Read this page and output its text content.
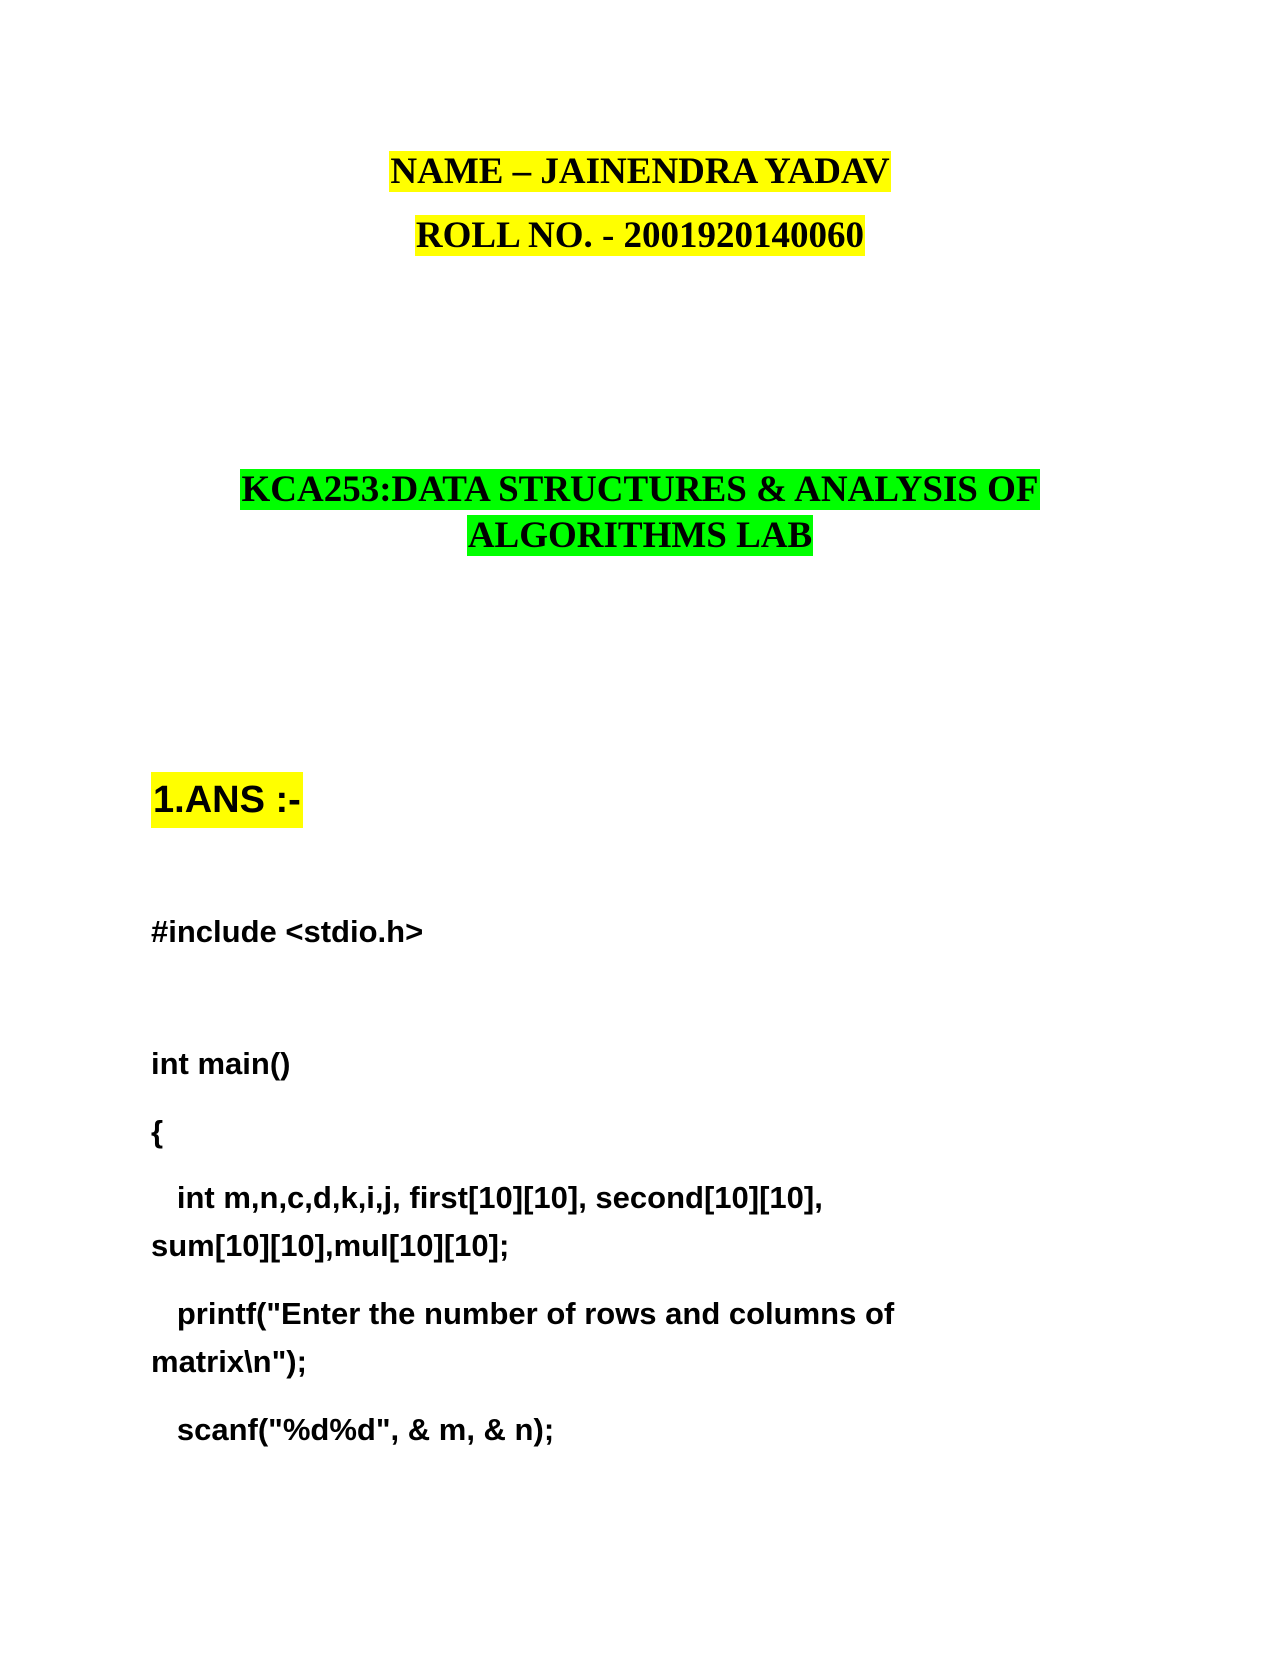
NAME – JAINENDRA YADAV
ROLL NO. - 2001920140060
KCA253:DATA STRUCTURES & ANALYSIS OF
ALGORITHMS LAB
1.ANS :-
#include <stdio.h>
int main()
{
int m,n,c,d,k,i,j, first[10][10], second[10][10],
sum[10][10],mul[10][10];
printf("Enter the number of rows and columns of
matrix\n");
scanf("%d%d", & m, & n);
